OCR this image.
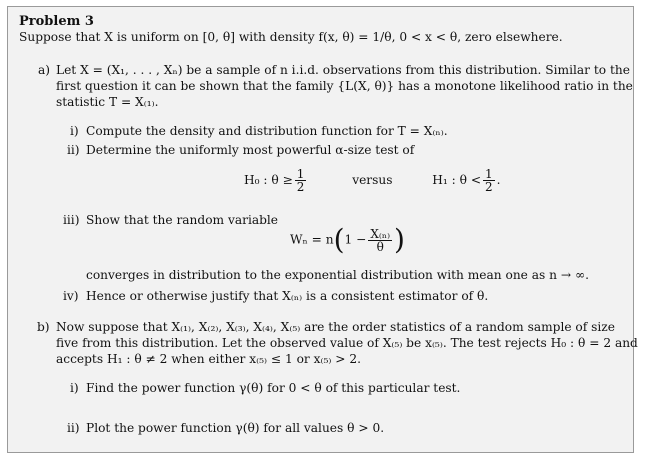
Problem 3
Suppose that X is uniform on [0, θ] with density f(x, θ) = 1/θ, 0 < x < θ, zero elsewhere.
a) Let X = (X₁, . . . , Xₙ) be a sample of n i.i.d. observations from this distribution. Similar to the
first question it can be shown that the family {L(X, θ)} has a monotone likelihood ratio in the
statistic T = X₍₁₎.
i) Compute the density and distribution function for T = X₍ₙ₎.
ii) Determine the uniformly most powerful α-size test of
H₀ : $\theta \ge \frac{1}{2}$	versus	H₁ : $\theta < \frac{1}{2}$ .
iii) Show that the random variable
$W_n = n(1 - \frac{\text{X₍ₙ₎}}{\theta}$ )
converges in distribution to the exponential distribution with mean one as n → ∞.
iv) Hence or otherwise justify that X₍ₙ₎ is a consistent estimator of θ.
b) Now suppose that X₍₁₎, X₍₂₎, X₍₃₎, X₍₄₎, X₍₅₎ are the order statistics of a random sample of size
five from this distribution. Let the observed value of X₍₅₎ be x₍₅₎. The test rejects H₀ : θ = 2 and
accepts H₁ : θ ≠ 2 when either x₍₅₎ ≤ 1 or x₍₅₎ > 2.
i) Find the power function γ(θ) for 0 < θ of this particular test.
ii) Plot the power function γ(θ) for all values θ > 0.
